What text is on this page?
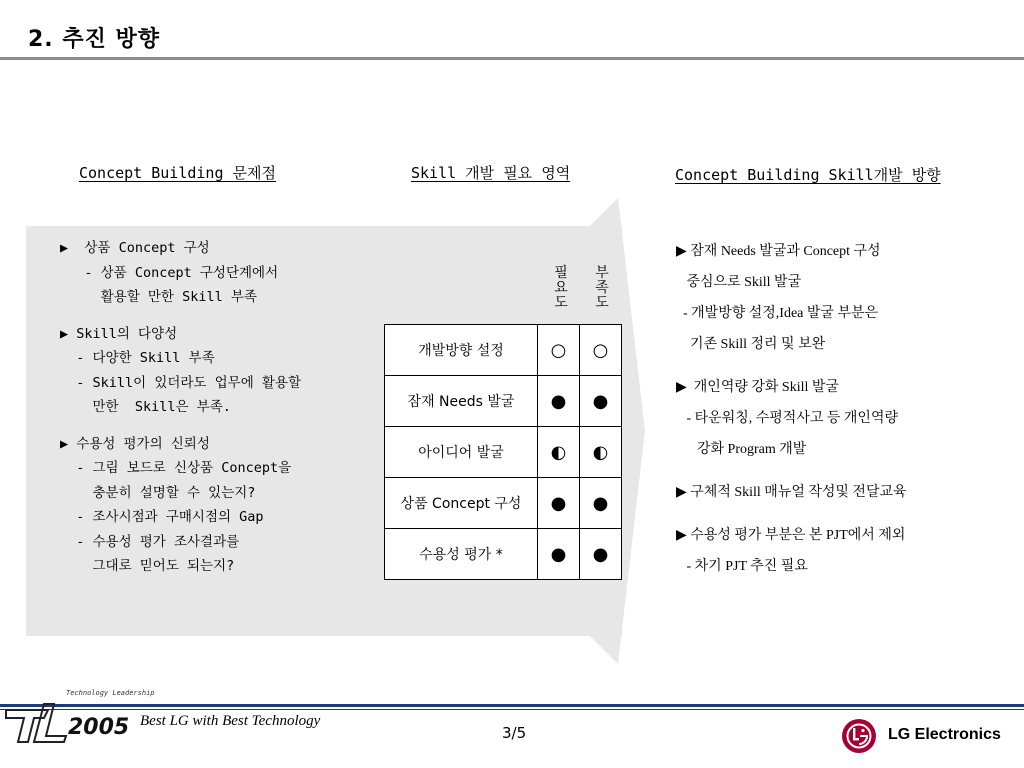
2. 추진 방향
Concept Building 문제점	Skill 개발 필요 영역	Concept Building Skill개발 방향
▶  상품 Concept 구성
- 상품 Concept 구성단계에서
활용할 만한 Skill 부족
▶ Skill의 다양성
- 다양한 Skill 부족
- Skill이 있더라도 업무에 활용할
만한  Skill은 부족.
▶ 수용성 평가의 신뢰성
- 그림 보드로 신상품 Concept을
충분히 설명할 수 있는지?
- 조사시점과 구매시점의 Gap
- 수용성 평가 조사결과를
그대로 믿어도 되는지?
필
요
도
부
족
도
개발방향 설정	○	○
잠재 Needs 발굴	●	●
아이디어 발굴	◐	◐
상품 Concept 구성	●	●
수용성 평가 *	●	●
▶ 잠재 Needs 발굴과 Concept 구성
중심으로 Skill 발굴
- 개발방향 설정,Idea 발굴 부분은
기존 Skill 정리 및 보완
▶  개인역량 강화 Skill 발굴
- 타운워칭, 수평적사고 등 개인역량
강화 Program 개발
▶ 구체적 Skill 매뉴얼 작성및 전달교육
▶ 수용성 평가 부분은 본 PJT에서 제외
- 차기 PJT 추진 필요
Technology Leadership
2005 Best LG with Best Technology
3/5	LG Electronics
